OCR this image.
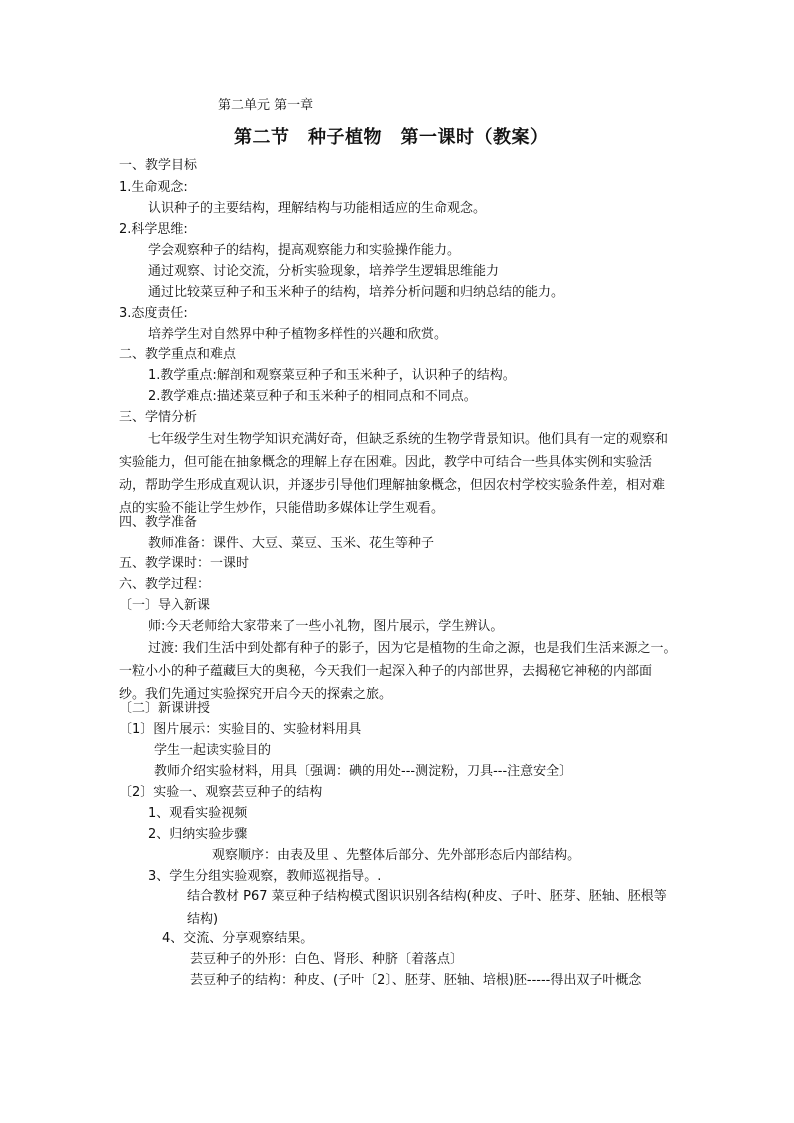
第二单元 第一章
第二节　种子植物　第一课时（教案）
一、教学目标
1.生命观念:
认识种子的主要结构，理解结构与功能相适应的生命观念。
2.科学思维:
学会观察种子的结构，提高观察能力和实验操作能力。
通过观察、讨论交流，分析实验现象，培养学生逻辑思维能力
通过比较菜豆种子和玉米种子的结构，培养分析问题和归纳总结的能力。
3.态度责任:
培养学生对自然界中种子植物多样性的兴趣和欣赏。
二、教学重点和难点
1.教学重点:解剖和观察菜豆种子和玉米种子，认识种子的结构。
2.教学难点:描述菜豆种子和玉米种子的相同点和不同点。
三、学情分析
七年级学生对生物学知识充满好奇，但缺乏系统的生物学背景知识。他们具有一定的观察和实验能力，但可能在抽象概念的理解上存在困难。因此，教学中可结合一些具体实例和实验活动，帮助学生形成直观认识，并逐步引导他们理解抽象概念，但因农村学校实验条件差，相对难点的实验不能让学生炒作，只能借助多媒体让学生观看。
四、教学准备
教师准备：课件、大豆、菜豆、玉米、花生等种子
五、教学课时：一课时
六、教学过程：
〔一〕导入新课
师:今天老师给大家带来了一些小礼物，图片展示，学生辨认。
过渡: 我们生活中到处都有种子的影子，因为它是植物的生命之源，也是我们生活来源之一。一粒小小的种子蕴藏巨大的奥秘，今天我们一起深入种子的内部世界，去揭秘它神秘的内部面纱。我们先通过实验探究开启今天的探索之旅。
〔二〕新课讲授
〔1〕图片展示：实验目的、实验材料用具
学生一起读实验目的
教师介绍实验材料，用具〔强调：碘的用处---测淀粉，刀具---注意安全〕
〔2〕实验一、观察芸豆种子的结构
1、观看实验视频
2、归纳实验步骤
观察顺序：由表及里 、先整体后部分、先外部形态后内部结构。
3、学生分组实验观察，教师巡视指导。.
结合教材 P67 菜豆种子结构模式图识识别各结构(种皮、子叶、胚芽、胚轴、胚根等结构)
4、交流、分享观察结果。
芸豆种子的外形：白色、肾形、种脐〔着落点〕
芸豆种子的结构：种皮、(子叶〔2〕、胚芽、胚轴、培根)胚-----得出双子叶概念
